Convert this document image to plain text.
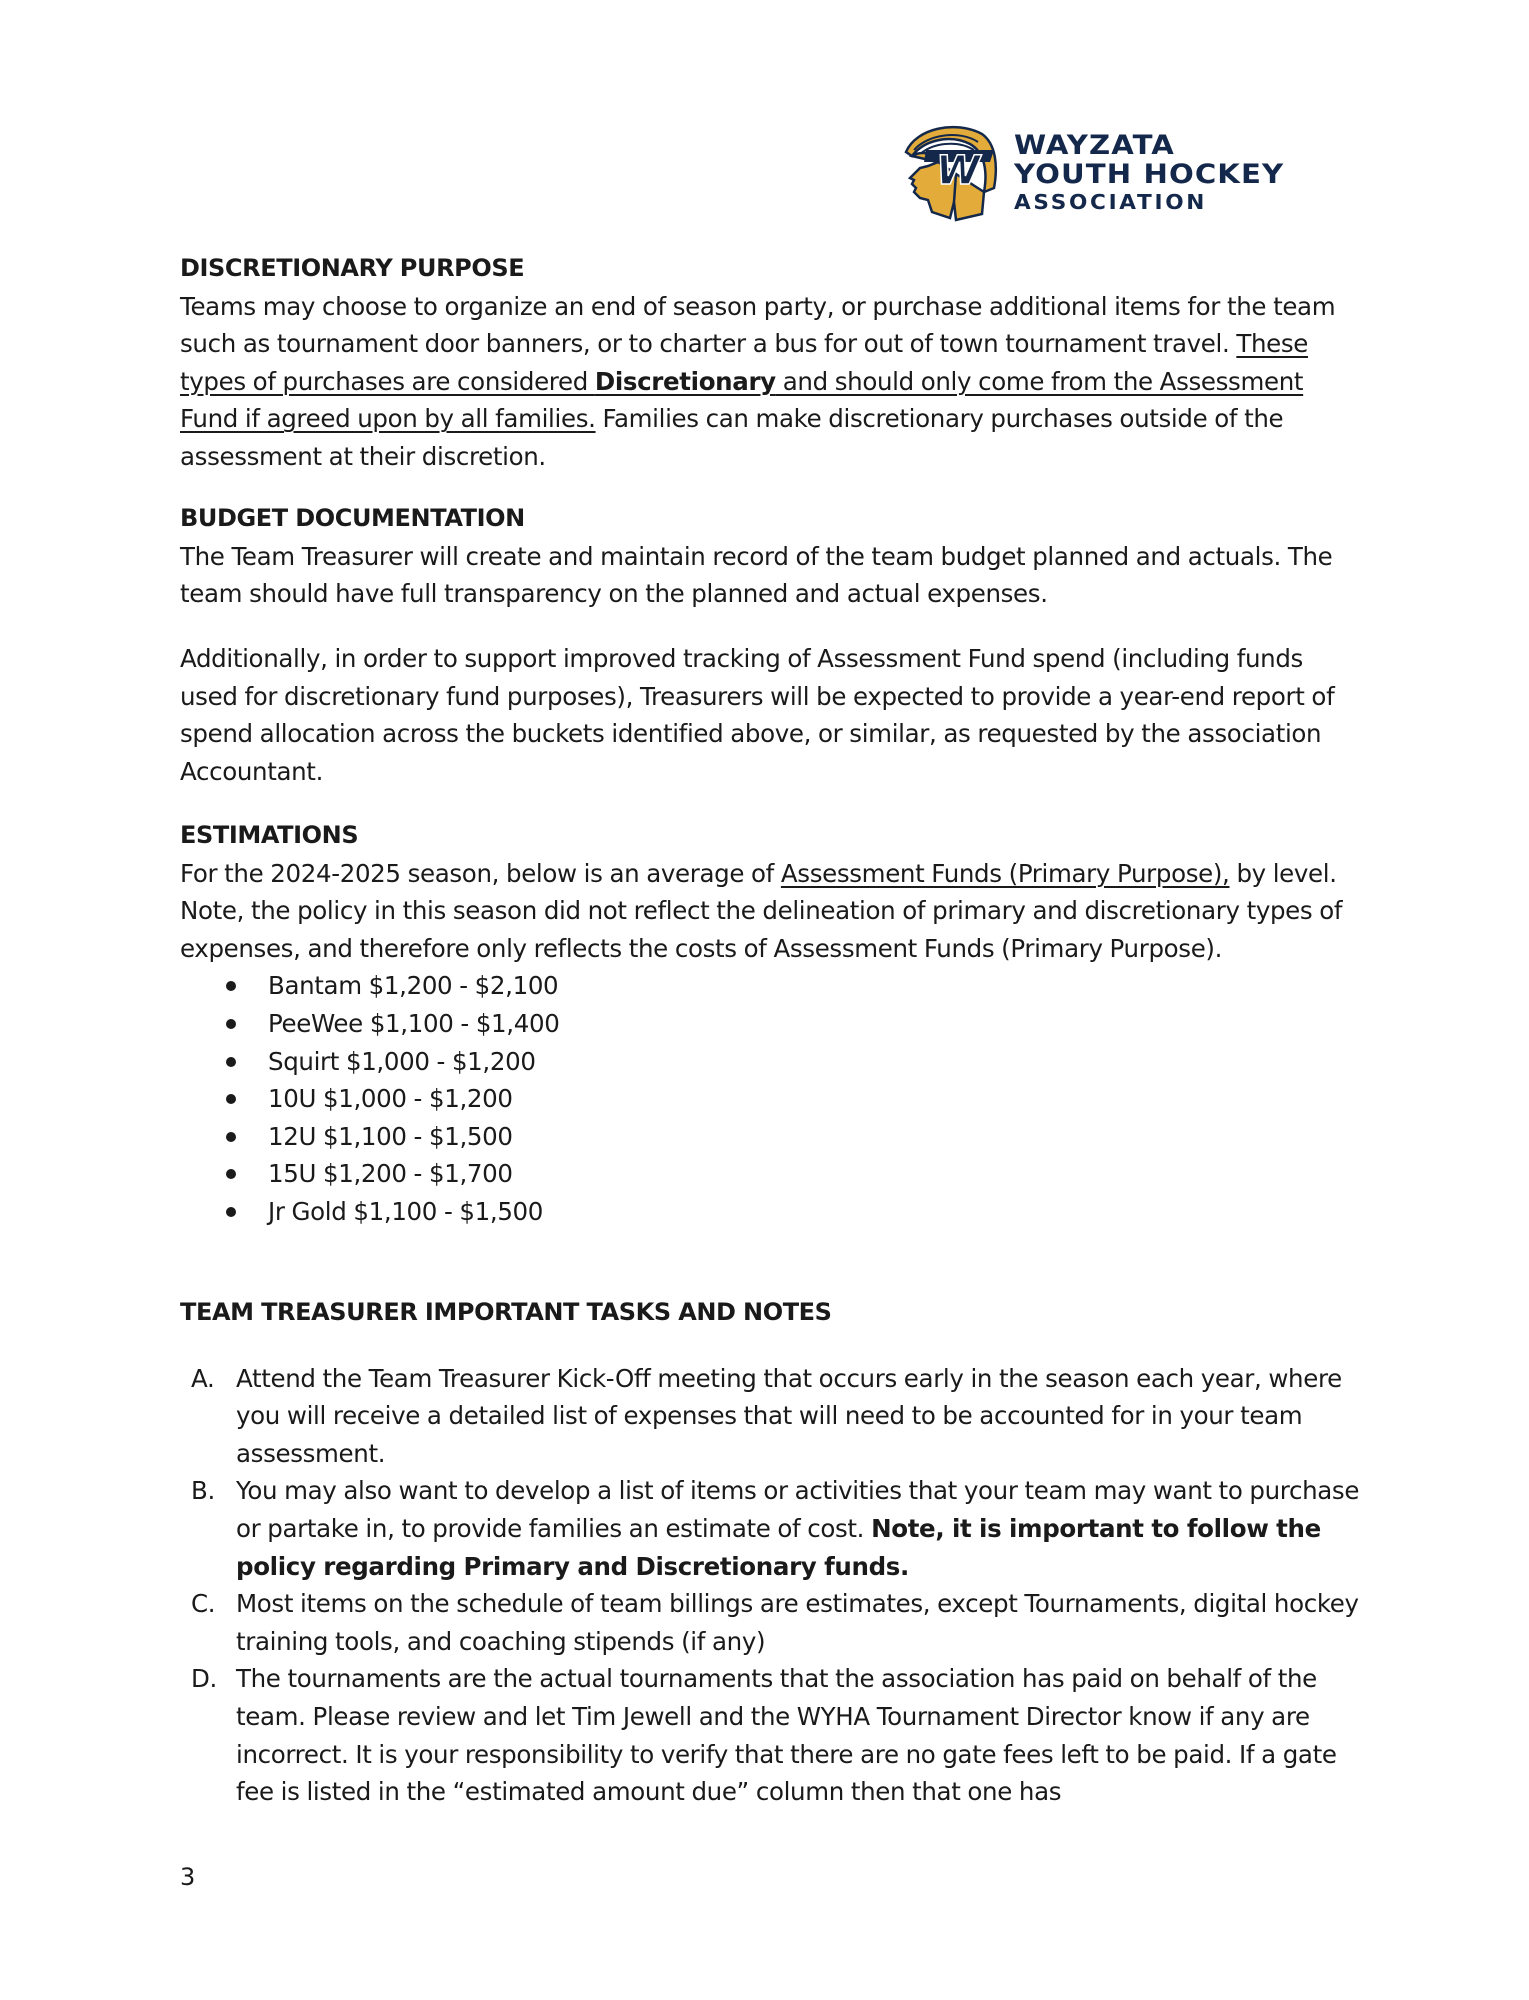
W
WAYZATA
YOUTH HOCKEY
ASSOCIATION
DISCRETIONARY PURPOSE

Teams may choose to organize an end of season party, or purchase additional items for the team such as tournament door banners, or to charter a bus for out of town tournament travel. These types of purchases are considered Discretionary and should only come from the Assessment Fund if agreed upon by all families. Families can make discretionary purchases outside of the assessment at their discretion.

BUDGET DOCUMENTATION

The Team Treasurer will create and maintain record of the team budget planned and actuals. The team should have full transparency on the planned and actual expenses.

Additionally, in order to support improved tracking of Assessment Fund spend (including funds used for discretionary fund purposes), Treasurers will be expected to provide a year-end report of spend allocation across the buckets identified above, or similar, as requested by the association Accountant.

ESTIMATIONS

For the 2024-2025 season, below is an average of Assessment Funds (Primary Purpose), by level. Note, the policy in this season did not reflect the delineation of primary and discretionary types of expenses, and therefore only reflects the costs of Assessment Funds (Primary Purpose).

Bantam $1,200 - $2,100
PeeWee $1,100 - $1,400
Squirt $1,000 - $1,200
10U $1,000 - $1,200
12U $1,100 - $1,500
15U $1,200 - $1,700
Jr Gold $1,100 - $1,500
TEAM TREASURER IMPORTANT TASKS AND NOTES
A. Attend the Team Treasurer Kick-Off meeting that occurs early in the season each year, where you will receive a detailed list of expenses that will need to be accounted for in your team assessment.
B. You may also want to develop a list of items or activities that your team may want to purchase or partake in, to provide families an estimate of cost. Note, it is important to follow the policy regarding Primary and Discretionary funds.
C. Most items on the schedule of team billings are estimates, except Tournaments, digital hockey training tools, and coaching stipends (if any)
D. The tournaments are the actual tournaments that the association has paid on behalf of the team. Please review and let Tim Jewell and the WYHA Tournament Director know if any are incorrect. It is your responsibility to verify that there are no gate fees left to be paid. If a gate fee is listed in the “estimated amount due” column then that one has
3
